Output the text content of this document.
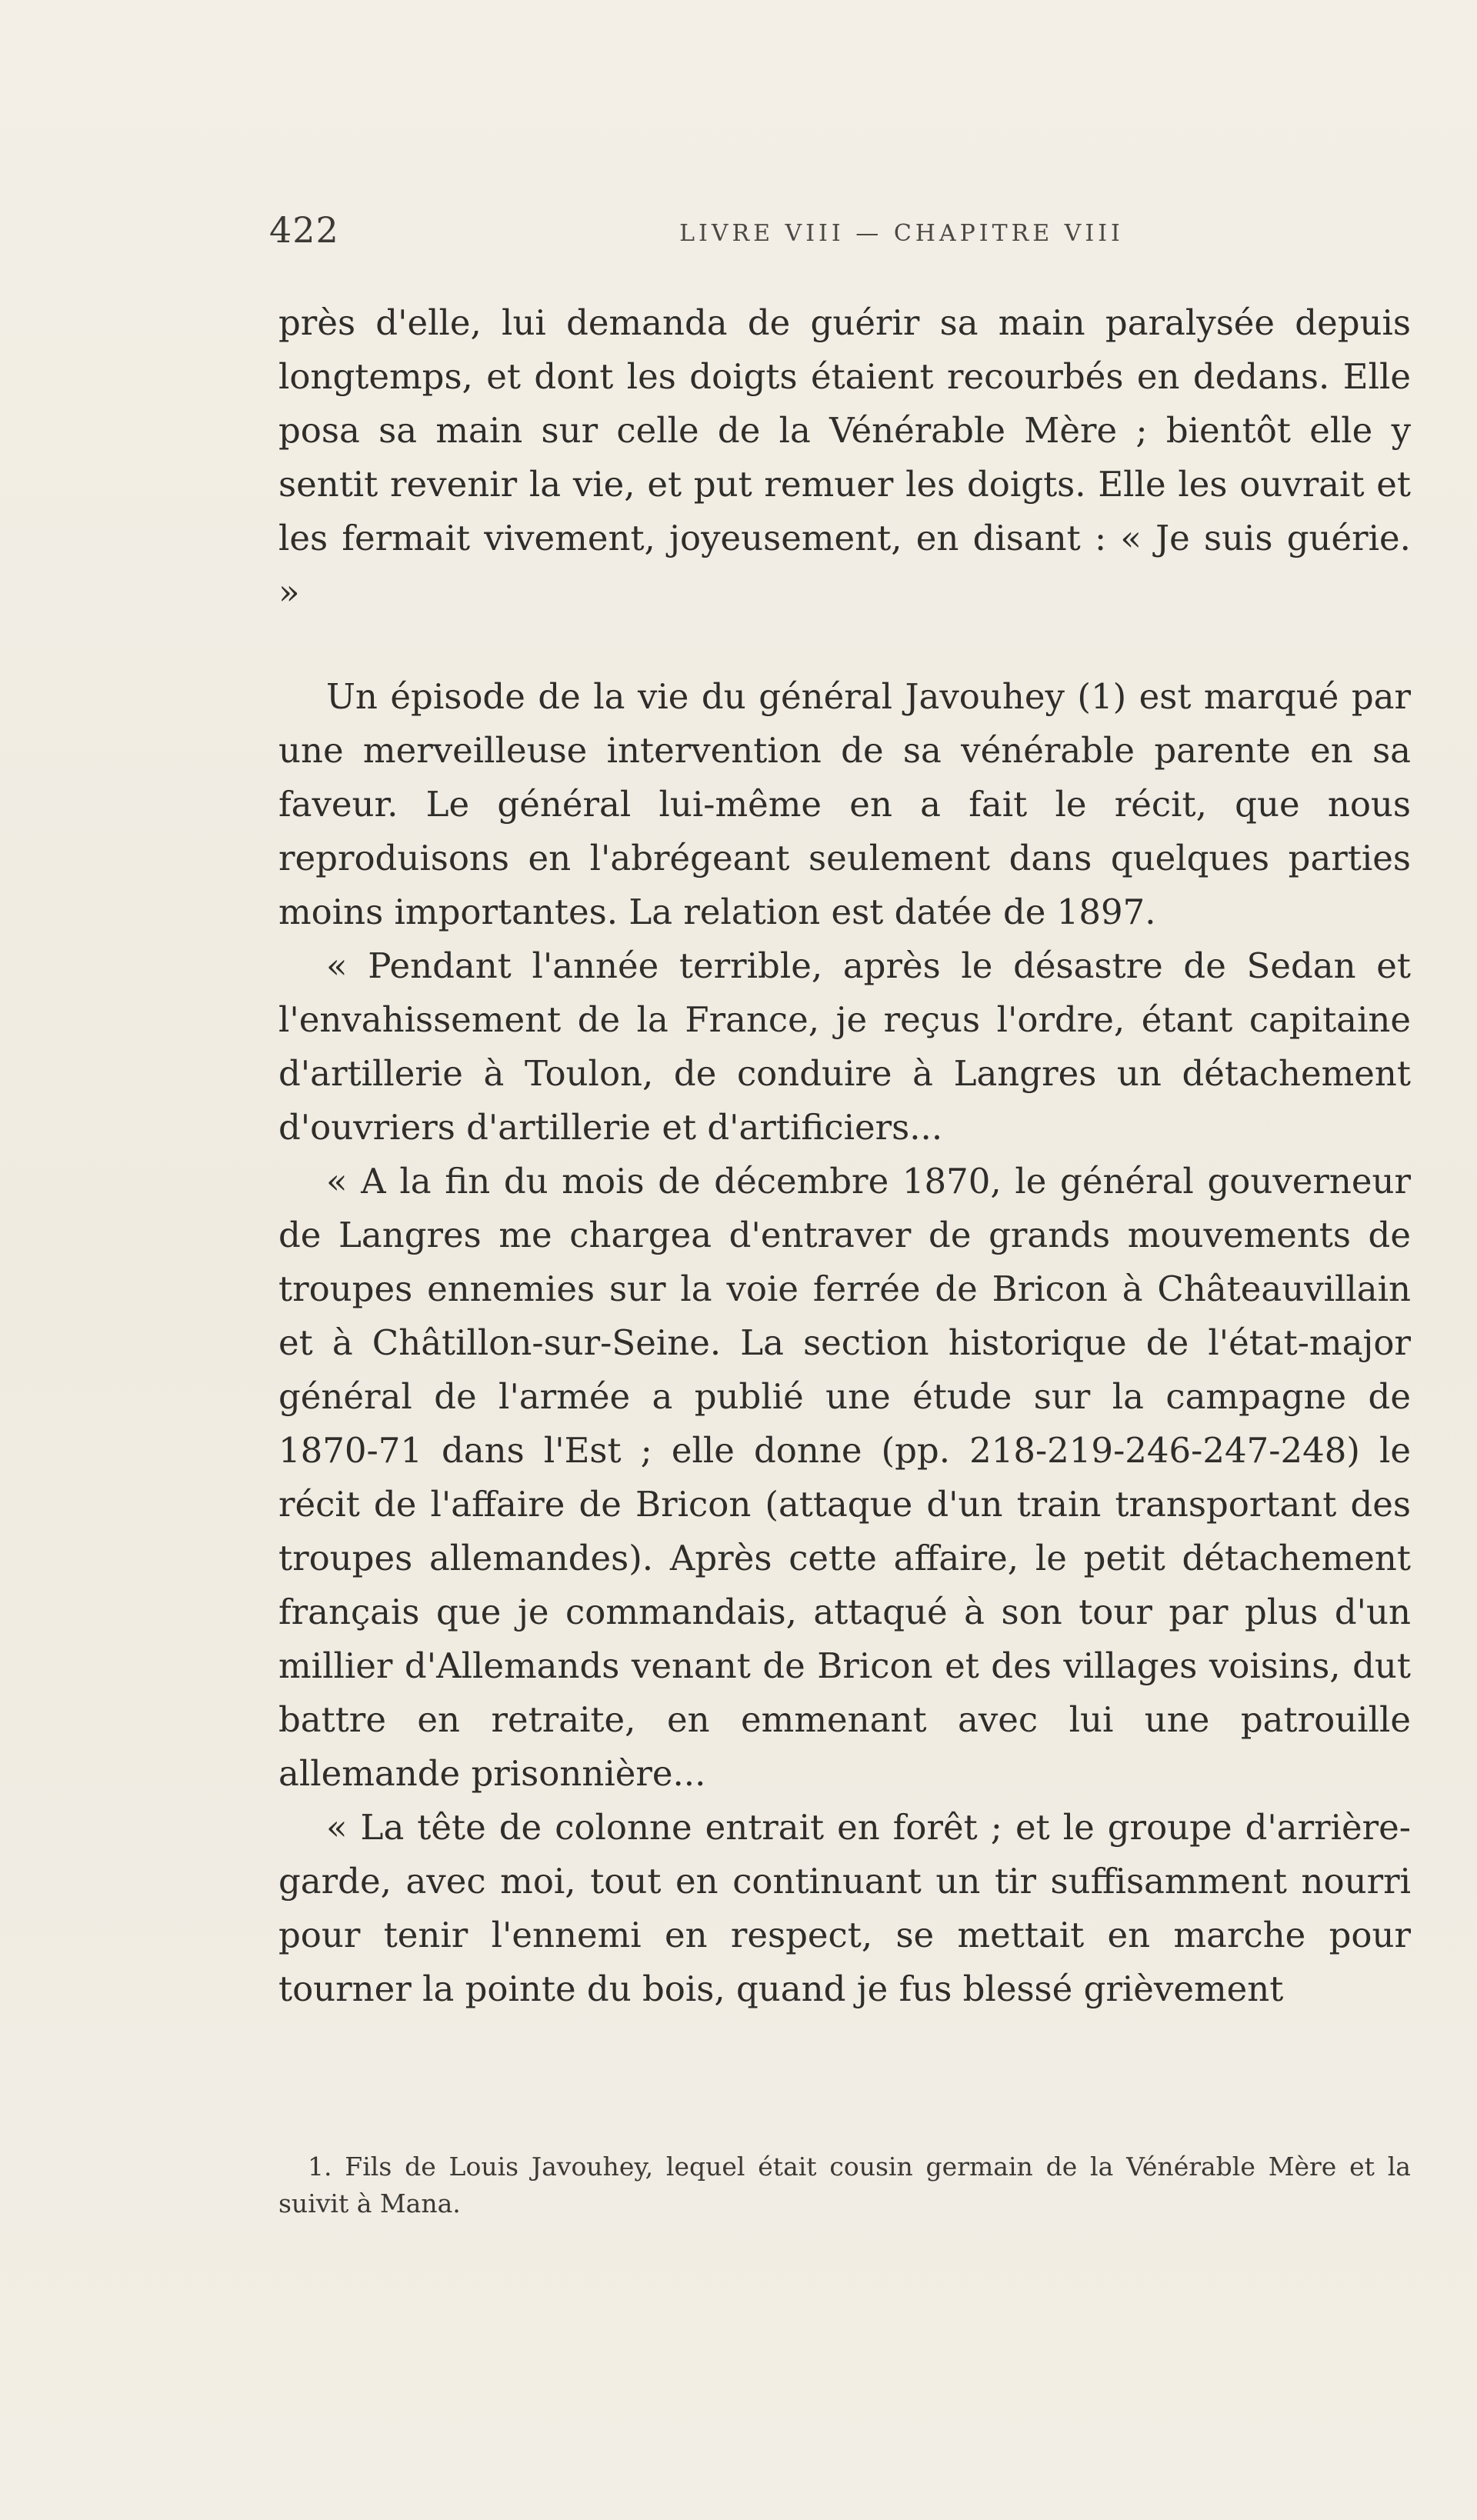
422	LIVRE VIII — CHAPITRE VIII

près d'elle, lui demanda de guérir sa main paralysée depuis longtemps, et dont les doigts étaient recourbés en dedans. Elle posa sa main sur celle de la Vénérable Mère ; bientôt elle y sentit revenir la vie, et put remuer les doigts. Elle les ouvrait et les fermait vivement, joyeusement, en disant : « Je suis guérie. »

Un épisode de la vie du général Javouhey (1) est marqué par une merveilleuse intervention de sa vénérable parente en sa faveur. Le général lui-même en a fait le récit, que nous reproduisons en l'abrégeant seulement dans quelques parties moins importantes. La relation est datée de 1897.

« Pendant l'année terrible, après le désastre de Sedan et l'envahissement de la France, je reçus l'ordre, étant capitaine d'artillerie à Toulon, de conduire à Langres un détachement d'ouvriers d'artillerie et d'artificiers...

« A la fin du mois de décembre 1870, le général gouverneur de Langres me chargea d'entraver de grands mouvements de troupes ennemies sur la voie ferrée de Bricon à Châteauvillain et à Châtillon-sur-Seine. La section historique de l'état-major général de l'armée a publié une étude sur la campagne de 1870-71 dans l'Est ; elle donne (pp. 218-219-246-247-248) le récit de l'affaire de Bricon (attaque d'un train transportant des troupes allemandes). Après cette affaire, le petit détachement français que je commandais, attaqué à son tour par plus d'un millier d'Allemands venant de Bricon et des villages voisins, dut battre en retraite, en emmenant avec lui une patrouille allemande prisonnière...

« La tête de colonne entrait en forêt ; et le groupe d'arrière-garde, avec moi, tout en continuant un tir suffisamment nourri pour tenir l'ennemi en respect, se mettait en marche pour tourner la pointe du bois, quand je fus blessé grièvement

1. Fils de Louis Javouhey, lequel était cousin germain de la Vénérable Mère et la suivit à Mana.
